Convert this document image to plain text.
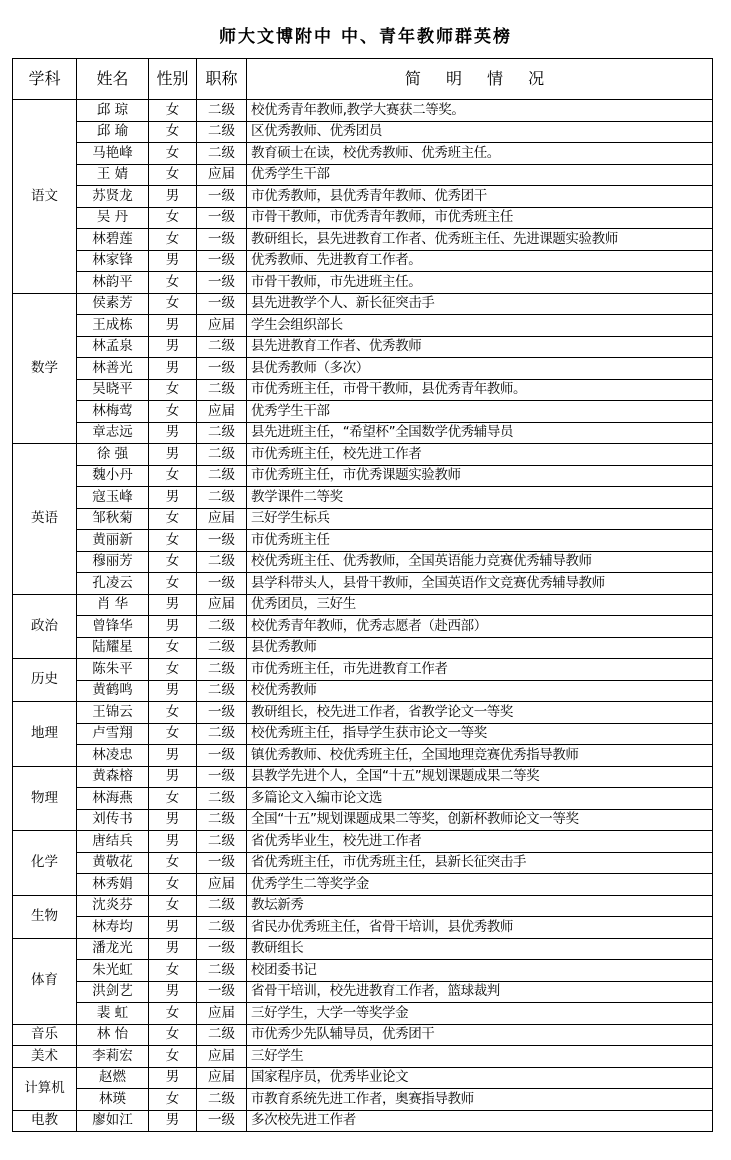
师大文博附中 中、青年教师群英榜
学科	姓名	性别	职称	简 明 情 况
语文	邱 琼	女	二级	校优秀青年教师,教学大赛获二等奖。
	邱 瑜	女	二级	区优秀教师、优秀团员
	马艳峰	女	二级	教育硕士在读，校优秀教师、优秀班主任。
	王 婧	女	应届	优秀学生干部
	苏贤龙	男	一级	市优秀教师，县优秀青年教师、优秀团干
	吴 丹	女	一级	市骨干教师，市优秀青年教师，市优秀班主任
	林碧莲	女	一级	教研组长，县先进教育工作者、优秀班主任、先进课题实验教师
	林家锋	男	一级	优秀教师、先进教育工作者。
	林韵平	女	一级	市骨干教师，市先进班主任。
数学	侯素芳	女	一级	县先进教学个人、新长征突击手
	王成栋	男	应届	学生会组织部长
	林孟泉	男	二级	县先进教育工作者、优秀教师
	林善光	男	一级	县优秀教师（多次）
	吴晓平	女	二级	市优秀班主任，市骨干教师，县优秀青年教师。
	林梅莺	女	应届	优秀学生干部
	章志远	男	二级	县先进班主任，“希望杯”全国数学优秀辅导员
英语	徐 强	男	二级	市优秀班主任，校先进工作者
	魏小丹	女	二级	市优秀班主任，市优秀课题实验教师
	寇玉峰	男	二级	教学课件二等奖
	邹秋菊	女	应届	三好学生标兵
	黄丽新	女	一级	市优秀班主任
	穆丽芳	女	二级	校优秀班主任、优秀教师，全国英语能力竞赛优秀辅导教师
	孔凌云	女	一级	县学科带头人，县骨干教师，全国英语作文竞赛优秀辅导教师
政治	肖 华	男	应届	优秀团员，三好生
	曾锋华	男	二级	校优秀青年教师，优秀志愿者（赴西部）
	陆耀星	女	二级	县优秀教师
历史	陈朱平	女	二级	市优秀班主任，市先进教育工作者
	黄鹤鸣	男	二级	校优秀教师
地理	王锦云	女	一级	教研组长，校先进工作者，省教学论文一等奖
	卢雪翔	女	二级	校优秀班主任，指导学生获市论文一等奖
	林凌忠	男	一级	镇优秀教师、校优秀班主任，全国地理竞赛优秀指导教师
物理	黄森榕	男	一级	县教学先进个人，全国“十五”规划课题成果二等奖
	林海燕	女	二级	多篇论文入编市论文选
	刘传书	男	二级	全国“十五”规划课题成果二等奖，创新杯教师论文一等奖
化学	唐结兵	男	二级	省优秀毕业生，校先进工作者
	黄敬花	女	一级	省优秀班主任，市优秀班主任，县新长征突击手
	林秀娟	女	应届	优秀学生二等奖学金
生物	沈炎芬	女	二级	教坛新秀
	林寿均	男	二级	省民办优秀班主任，省骨干培训，县优秀教师
体育	潘龙光	男	一级	教研组长
	朱光虹	女	二级	校团委书记
	洪剑艺	男	一级	省骨干培训，校先进教育工作者，篮球裁判
	裴 虹	女	应届	三好学生，大学一等奖学金
音乐	林 怡	女	二级	市优秀少先队辅导员，优秀团干
美术	李莉宏	女	应届	三好学生
计算机	赵燃	男	应届	国家程序员，优秀毕业论文
	林瑛	女	二级	市教育系统先进工作者，奥赛指导教师
电教	廖如江	男	一级	多次校先进工作者
